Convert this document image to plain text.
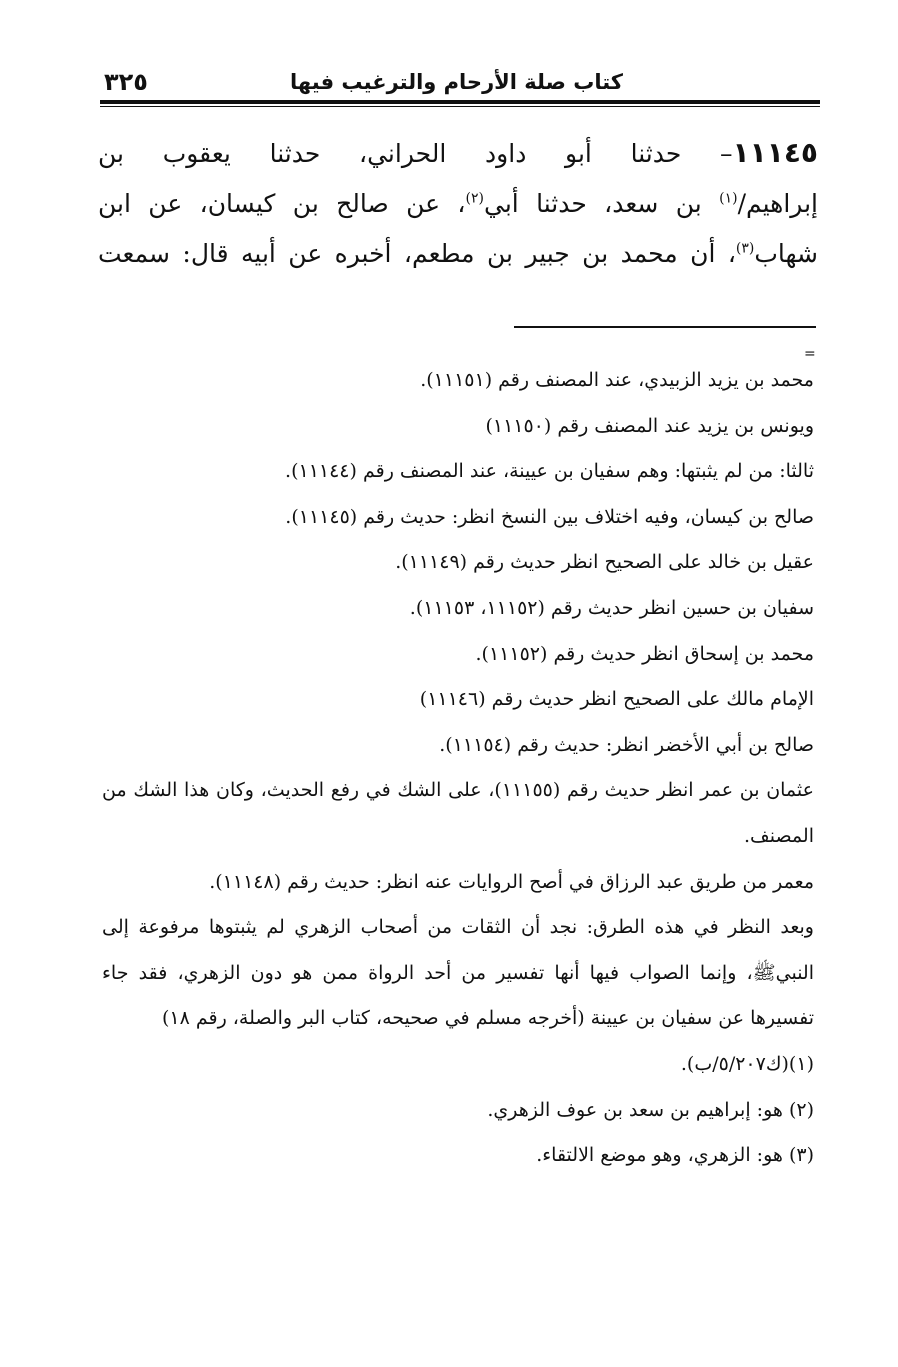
كتاب صلة الأرحام والترغيب فيها
٣٢٥

١١١٤٥– حدثنا أبو داود الحراني، حدثنا يعقوب بن

إبراهيم/$^{(١)}$ بن سعد، حدثنا أبي$^{(٢)}$، عن صالح بن كيسان، عن ابن

شهاب$^{(٣)}$، أن محمد بن جبير بن مطعم، أخبره عن أبيه قال: سمعت

=

محمد بن يزيد الزبيدي، عند المصنف رقم (١١١٥١).

ويونس بن يزيد عند المصنف رقم (١١١٥٠)

ثالثا: من لم يثبتها: وهم سفيان بن عيينة، عند المصنف رقم (١١١٤٤).

صالح بن كيسان، وفيه اختلاف بين النسخ انظر: حديث رقم (١١١٤٥).

عقيل بن خالد على الصحيح انظر حديث رقم (١١١٤٩).

سفيان بن حسين انظر حديث رقم (١١١٥٢، ١١١٥٣).

محمد بن إسحاق انظر حديث رقم (١١١٥٢).

الإمام مالك على الصحيح انظر حديث رقم (١١١٤٦)

صالح بن أبي الأخضر انظر: حديث رقم (١١١٥٤).

عثمان بن عمر انظر حديث رقم (١١١٥٥)، على الشك في رفع الحديث، وكان هذا الشك من المصنف.

معمر من طريق عبد الرزاق في أصح الروايات عنه انظر: حديث رقم (١١١٤٨).

وبعد النظر في هذه الطرق: نجد أن الثقات من أصحاب الزهري لم يثبتوها مرفوعة إلى النبيﷺ، وإنما الصواب فيها أنها تفسير من أحد الرواة ممن هو دون الزهري، فقد جاء تفسيرها عن سفيان بن عيينة (أخرجه مسلم في صحيحه، كتاب البر والصلة، رقم ١٨)

(١)(ك٥/٢٠٧/ب).

(٢) هو: إبراهيم بن سعد بن عوف الزهري.

(٣) هو: الزهري، وهو موضع الالتقاء.
